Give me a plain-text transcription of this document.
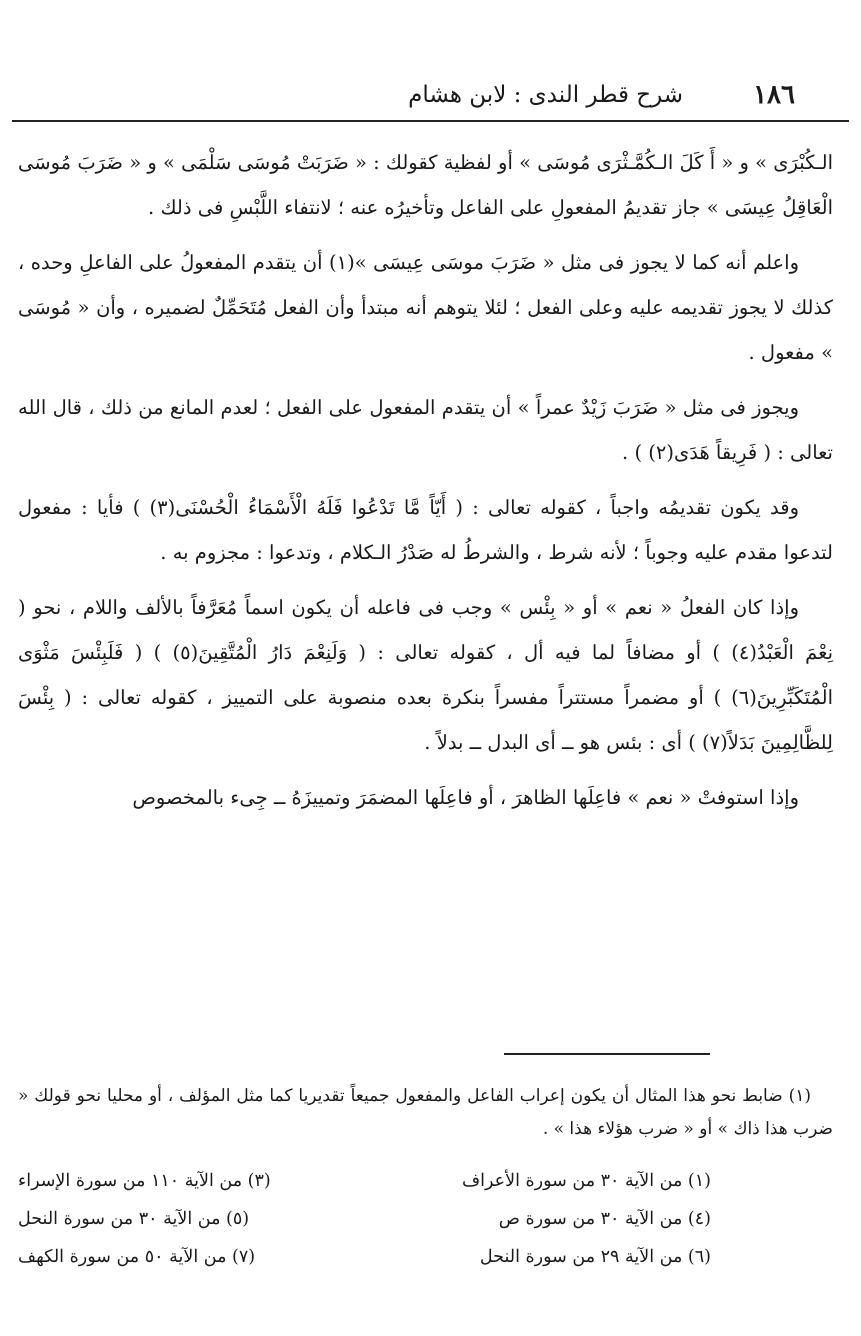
١٨٦
شرح قطر الندى : لابن هشام

الـكُبْرَى » و « أَ كَلَ الـكُمَّـثْرَى مُوسَى » أو لفظية كقولك : « ضَرَبَتْ مُوسَى سَلْمَى » و « ضَرَبَ مُوسَى الْعَاقِلُ عِيسَى » جاز تقديمُ المفعولِ على الفاعل وتأخيرُه عنه ؛ لانتفاء اللَّبْسِ فى ذلك .

واعلم أنه كما لا يجوز فى مثل « ضَرَبَ موسَى عِيسَى »(١) أن يتقدم المفعولُ على الفاعلِ وحده ، كذلك لا يجوز تقديمه عليه وعلى الفعل ؛ لئلا يتوهم أنه مبتدأ وأن الفعل مُتَحَمِّلٌ لضميره ، وأن « مُوسَى » مفعول .

ويجوز فى مثل « ضَرَبَ زَيْدٌ عمراً » أن يتقدم المفعول على الفعل ؛ لعدم المانع من ذلك ، قال الله تعالى : ( فَرِيقاً هَدَى(٢) ) .

وقد يكون تقديمُه واجباً ، كقوله تعالى : ( أَيّاً مَّا تَدْعُوا فَلَهُ الْأَسْمَاءُ الْحُسْنَى(٣) ) فأيا : مفعول لتدعوا مقدم عليه وجوباً ؛ لأنه شرط ، والشرطُ له صَدْرُ الـكلام ، وتدعوا : مجزوم به .

وإذا كان الفعلُ « نعم » أو « بِئْس » وجب فى فاعله أن يكون اسماً مُعَرَّفاً بالألف واللام ، نحو ( نِعْمَ الْعَبْدُ(٤) ) أو مضافاً لما فيه أل ، كقوله تعالى : ( وَلَنِعْمَ دَارُ الْمُتَّقِينَ(٥) ) ( فَلَبِئْسَ مَثْوَى الْمُتَكَبِّرِينَ(٦) ) أو مضمراً مستتراً مفسراً بنكرة بعده منصوبة على التمييز ، كقوله تعالى : ( بِئْسَ لِلظَّالِمِينَ بَدَلاً(٧) ) أى : بئس هو ــ أى البدل ــ بدلاً .

وإذا استوفتْ « نعم » فاعِلَها الظاهرَ ، أو فاعِلَها المضمَرَ وتمييزَهُ ــ جِىء بالمخصوص

(١) ضابط نحو هذا المثال أن يكون إعراب الفاعل والمفعول جميعاً تقديريا كما مثل المؤلف ، أو محليا نحو قولك « ضرب هذا ذاك » أو « ضرب هؤلاء هذا » .

(١) من الآية ٣٠ من سورة الأعراف
(٣) من الآية ١١٠ من سورة الإسراء
(٤) من الآية ٣٠ من سورة ص
(٥) من الآية ٣٠ من سورة النحل
(٦) من الآية ٢٩ من سورة النحل
(٧) من الآية ٥٠ من سورة الكهف
